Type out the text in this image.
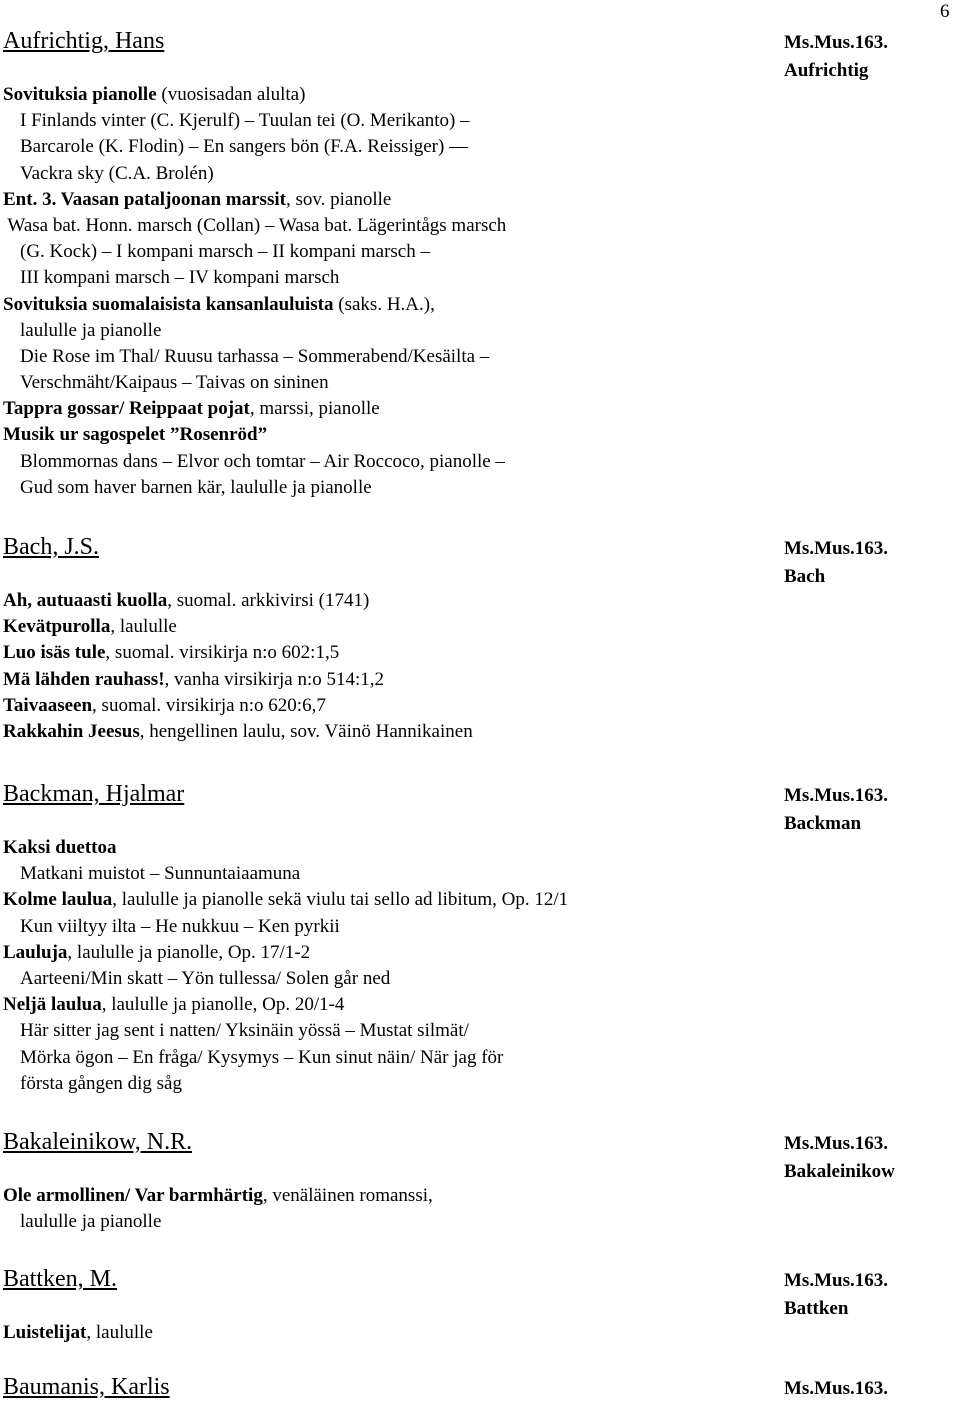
6
Aufrichtig, Hans	Ms.Mus.163.
Aufrichtig
Sovituksia pianolle (vuosisadan alulta)
I Finlands vinter (C. Kjerulf) – Tuulan tei (O. Merikanto) –
Barcarole (K. Flodin) – En sangers bön (F.A. Reissiger) —
Vackra sky (C.A. Brolén)
Ent. 3. Vaasan pataljoonan marssit, sov. pianolle
Wasa bat. Honn. marsch (Collan) – Wasa bat. Lägerintågs marsch
(G. Kock) – I kompani marsch – II kompani marsch –
III kompani marsch – IV kompani marsch
Sovituksia suomalaisista kansanlauluista (saks. H.A.),
laululle ja pianolle
Die Rose im Thal/ Ruusu tarhassa – Sommerabend/Kesäilta –
Verschmäht/Kaipaus – Taivas on sininen
Tappra gossar/ Reippaat pojat, marssi, pianolle
Musik ur sagospelet ”Rosenröd”
Blommornas dans – Elvor och tomtar – Air Roccoco, pianolle –
Gud som haver barnen kär, laululle ja pianolle
Bach, J.S.	Ms.Mus.163.
Bach
Ah, autuaasti kuolla, suomal. arkkivirsi (1741)
Kevätpurolla, laululle
Luo isäs tule, suomal. virsikirja n:o 602:1,5
Mä lähden rauhass!, vanha virsikirja n:o 514:1,2
Taivaaseen, suomal. virsikirja n:o 620:6,7
Rakkahin Jeesus, hengellinen laulu, sov. Väinö Hannikainen
Backman, Hjalmar	Ms.Mus.163.
Backman
Kaksi duettoa
Matkani muistot – Sunnuntaiaamuna
Kolme laulua, laululle ja pianolle sekä viulu tai sello ad libitum, Op. 12/1
Kun viiltyy ilta – He nukkuu – Ken pyrkii
Lauluja, laululle ja pianolle, Op. 17/1-2
Aarteeni/Min skatt – Yön tullessa/ Solen går ned
Neljä laulua, laululle ja pianolle, Op. 20/1-4
Här sitter jag sent i natten/ Yksinäin yössä – Mustat silmät/
Mörka ögon – En fråga/ Kysymys – Kun sinut näin/ När jag för
första gången dig såg
Bakaleinikow, N.R.	Ms.Mus.163.
Bakaleinikow
Ole armollinen/ Var barmhärtig, venäläinen romanssi,
laululle ja pianolle
Battken, M.	Ms.Mus.163.
Battken
Luistelijat, laululle
Baumanis, Karlis	Ms.Mus.163.
